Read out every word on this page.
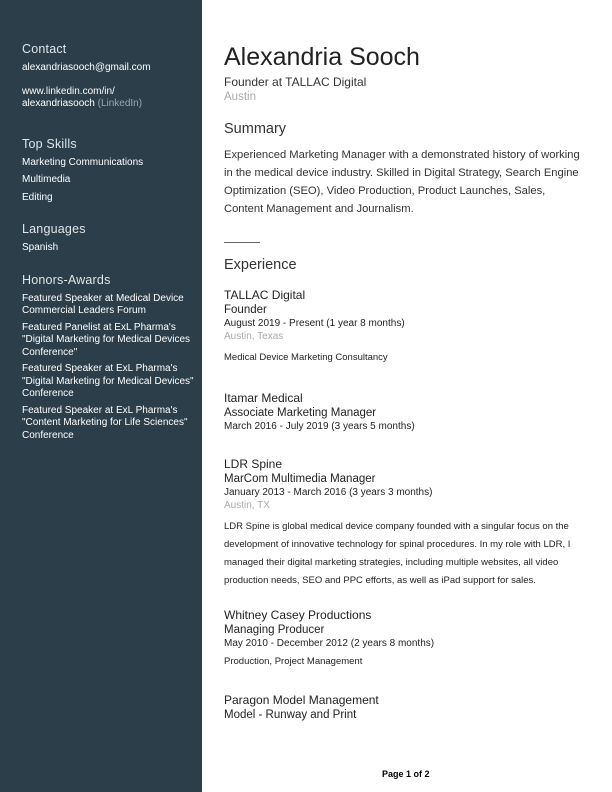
Contact
alexandriasooch@gmail.com
www.linkedin.com/in/
alexandriasooch (LinkedIn)
Top Skills
Marketing Communications
Multimedia
Editing
Languages
Spanish
Honors-Awards
Featured Speaker at Medical Device Commercial Leaders Forum
Featured Panelist at ExL Pharma's "Digital Marketing for Medical Devices Conference"
Featured Speaker at ExL Pharma's "Digital Marketing for Medical Devices" Conference
Featured Speaker at ExL Pharma's "Content Marketing for Life Sciences" Conference
Alexandria Sooch
Founder at TALLAC Digital
Austin
Summary
Experienced Marketing Manager with a demonstrated history of working in the medical device industry. Skilled in Digital Strategy, Search Engine Optimization (SEO), Video Production, Product Launches, Sales, Content Management and Journalism.
Experience
TALLAC Digital
Founder
August 2019 - Present (1 year 8 months)
Austin, Texas
Medical Device Marketing Consultancy
Itamar Medical
Associate Marketing Manager
March 2016 - July 2019 (3 years 5 months)
LDR Spine
MarCom Multimedia Manager
January 2013 - March 2016 (3 years 3 months)
Austin, TX
LDR Spine is global medical device company founded with a singular focus on the development of innovative technology for spinal procedures. In my role with LDR, I managed their digital marketing strategies, including multiple websites, all video production needs, SEO and PPC efforts, as well as iPad support for sales.
Whitney Casey Productions
Managing Producer
May 2010 - December 2012 (2 years 8 months)
Production, Project Management
Paragon Model Management
Model - Runway and Print
Page 1 of 2
